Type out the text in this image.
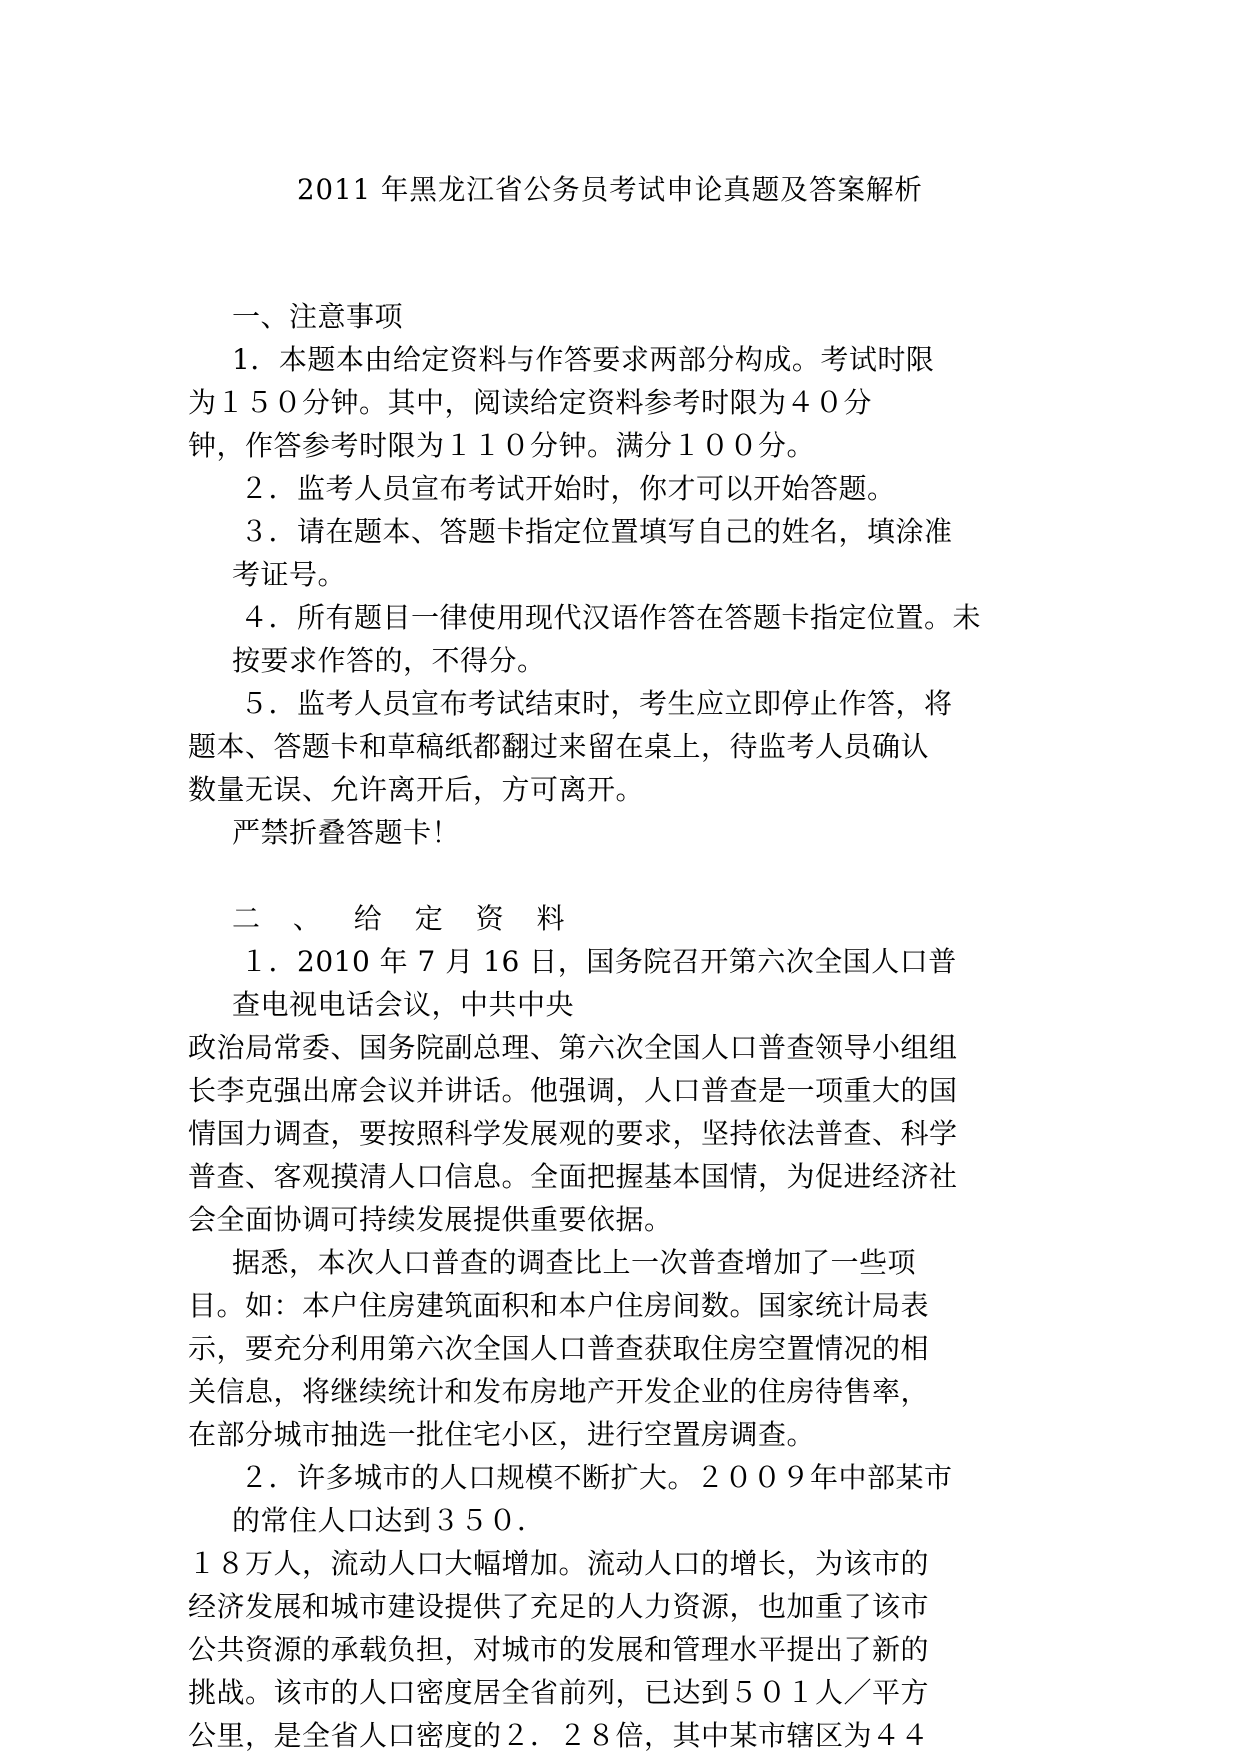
2011 年黑龙江省公务员考试申论真题及答案解析
一、注意事项
1．本题本由给定资料与作答要求两部分构成。考试时限
为１５０分钟。其中，阅读给定资料参考时限为４０分
钟，作答参考时限为１１０分钟。满分１００分。
２．监考人员宣布考试开始时，你才可以开始答题。
３．请在题本、答题卡指定位置填写自己的姓名，填涂准
考证号。
４．所有题目一律使用现代汉语作答在答题卡指定位置。未
按要求作答的，不得分。
５．监考人员宣布考试结束时，考生应立即停止作答，将
题本、答题卡和草稿纸都翻过来留在桌上，待监考人员确认
数量无误、允许离开后，方可离开。
严禁折叠答题卡！
二 、 给 定 资 料
１．2010 年 7 月 16 日，国务院召开第六次全国人口普
查电视电话会议，中共中央
政治局常委、国务院副总理、第六次全国人口普查领导小组组
长李克强出席会议并讲话。他强调，人口普查是一项重大的国
情国力调查，要按照科学发展观的要求，坚持依法普查、科学
普查、客观摸清人口信息。全面把握基本国情，为促进经济社
会全面协调可持续发展提供重要依据。
据悉，本次人口普查的调查比上一次普查增加了一些项
目。如：本户住房建筑面积和本户住房间数。国家统计局表
示，要充分利用第六次全国人口普查获取住房空置情况的相
关信息，将继续统计和发布房地产开发企业的住房待售率，
在部分城市抽选一批住宅小区，进行空置房调查。
２．许多城市的人口规模不断扩大。２００９年中部某市
的常住人口达到３５０．
１８万人，流动人口大幅增加。流动人口的增长，为该市的
经济发展和城市建设提供了充足的人力资源，也加重了该市
公共资源的承载负担，对城市的发展和管理水平提出了新的
挑战。该市的人口密度居全省前列，已达到５０１人／平方
公里，是全省人口密度的２．２８倍，其中某市辖区为４４
